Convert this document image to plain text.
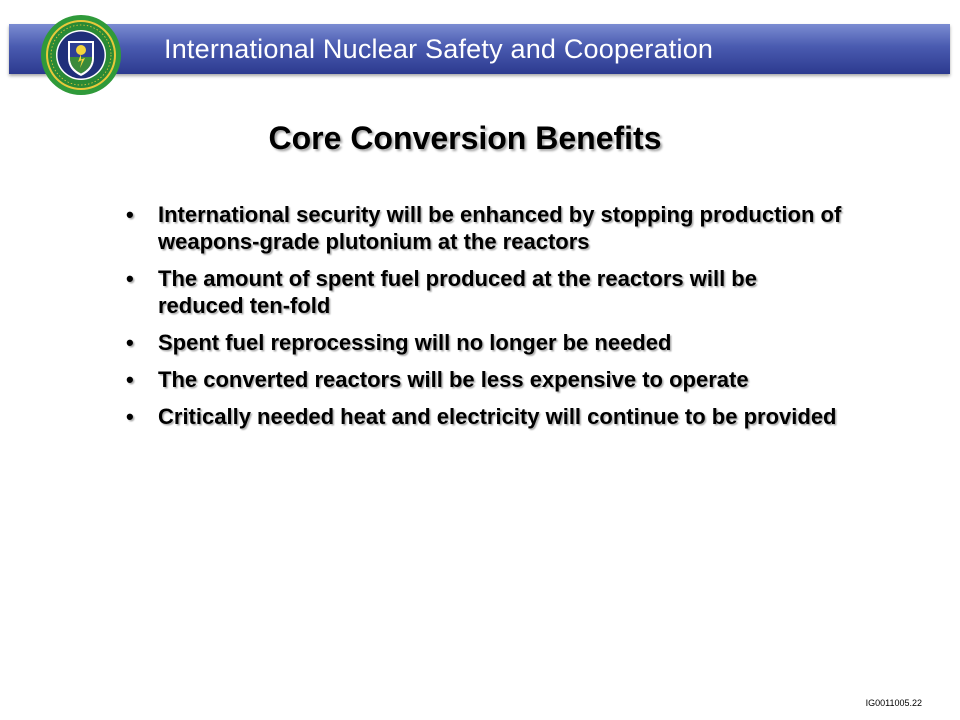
International Nuclear Safety and Cooperation
Core Conversion Benefits
• International security will be enhanced by stopping production of weapons-grade plutonium at the reactors
• The amount of spent fuel produced at the reactors will be reduced ten-fold
• Spent fuel reprocessing will no longer be needed
• The converted reactors will be less expensive to operate
• Critically needed heat and electricity will continue to be provided
IG0011005.22
